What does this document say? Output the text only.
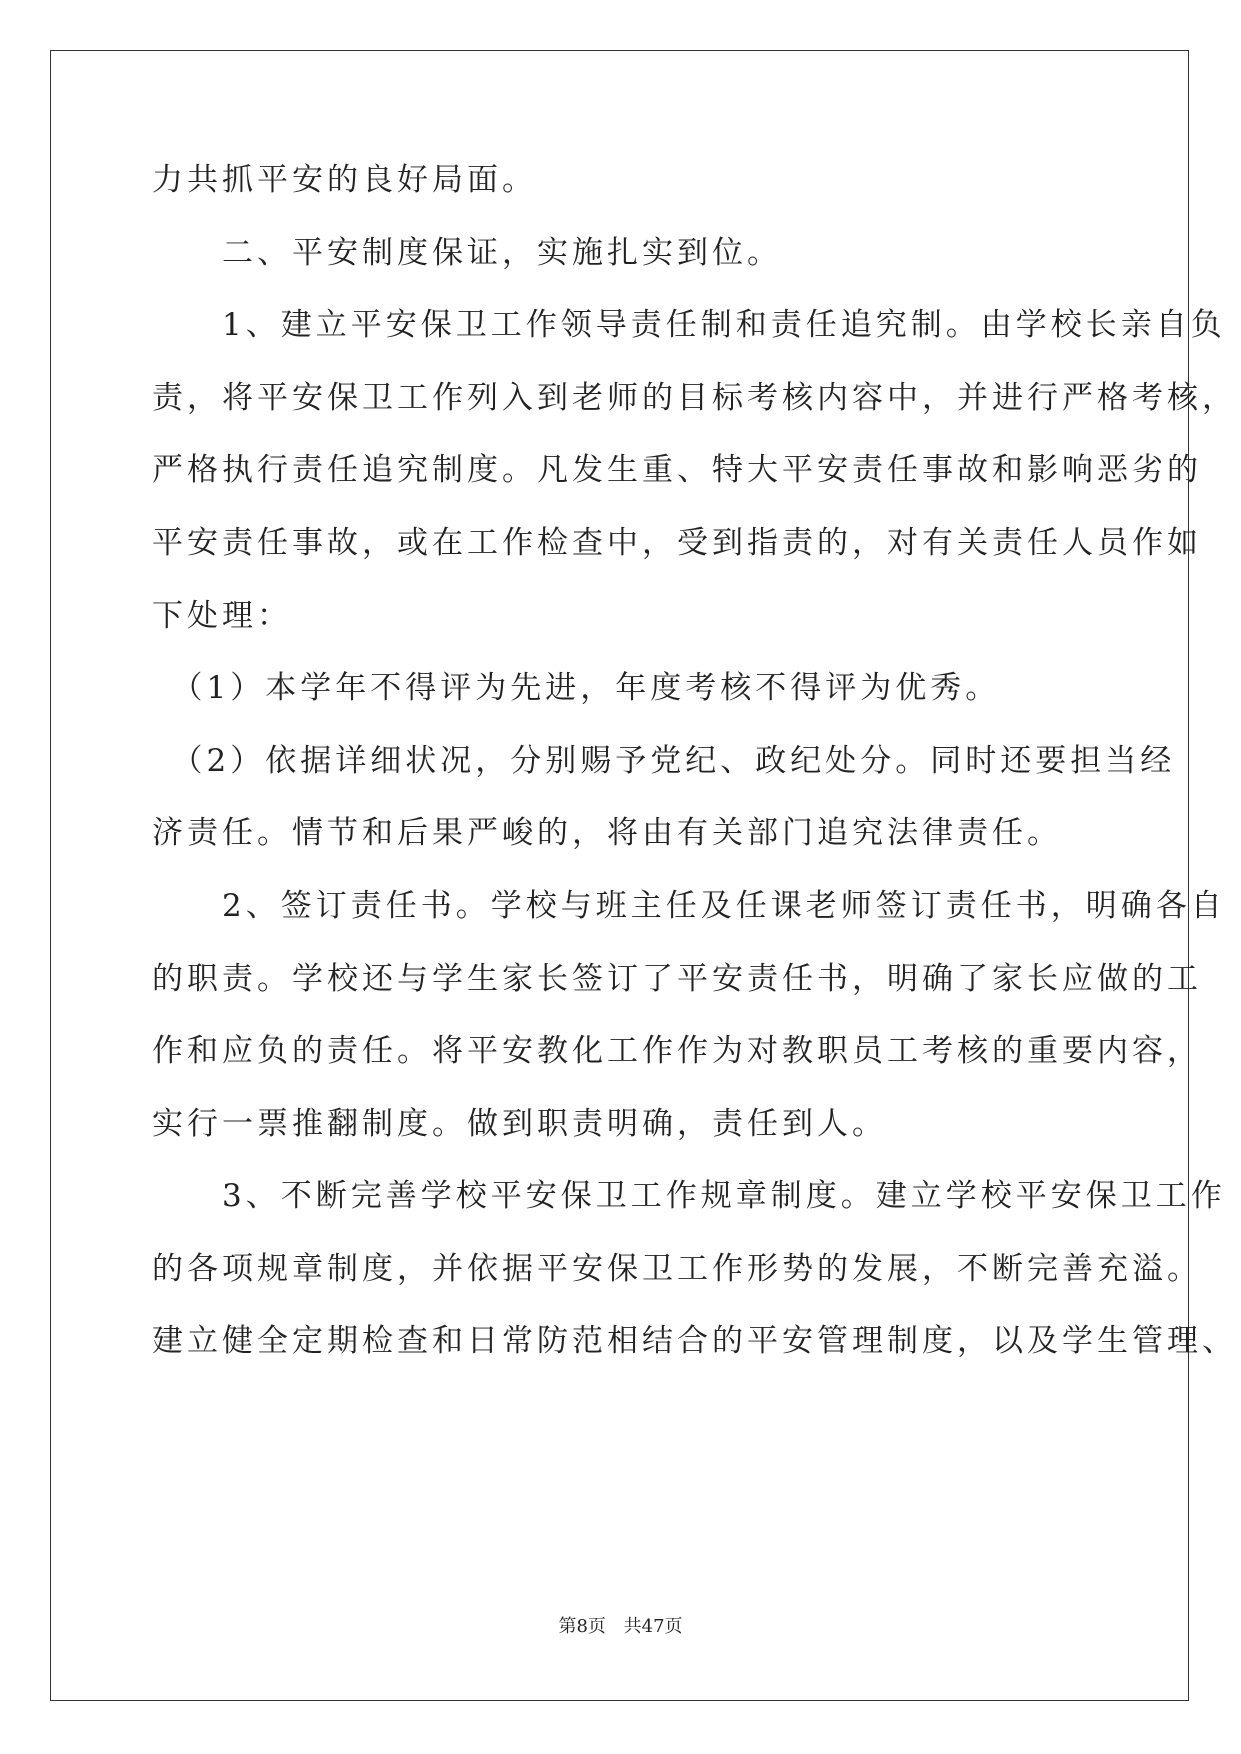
力共抓平安的良好局面。
　　二、平安制度保证，实施扎实到位。
　　1、建立平安保卫工作领导责任制和责任追究制。由学校长亲自负
责，将平安保卫工作列入到老师的目标考核内容中，并进行严格考核，
严格执行责任追究制度。凡发生重、特大平安责任事故和影响恶劣的
平安责任事故，或在工作检查中，受到指责的，对有关责任人员作如
下处理：
　（1）本学年不得评为先进，年度考核不得评为优秀。
　（2）依据详细状况，分别赐予党纪、政纪处分。同时还要担当经
济责任。情节和后果严峻的，将由有关部门追究法律责任。
　　2、签订责任书。学校与班主任及任课老师签订责任书，明确各自
的职责。学校还与学生家长签订了平安责任书，明确了家长应做的工
作和应负的责任。将平安教化工作作为对教职员工考核的重要内容，
实行一票推翻制度。做到职责明确，责任到人。
　　3、不断完善学校平安保卫工作规章制度。建立学校平安保卫工作
的各项规章制度，并依据平安保卫工作形势的发展，不断完善充溢。
建立健全定期检查和日常防范相结合的平安管理制度，以及学生管理、
第8页 共47页
